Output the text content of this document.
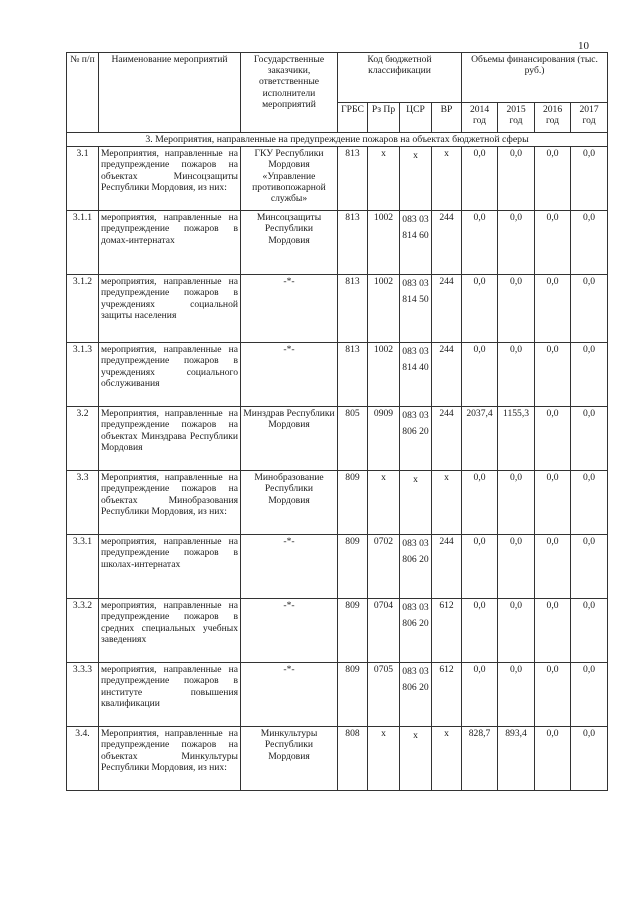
10
№ п/п	Наименование мероприятий	Государственные заказчики, ответственные исполнители мероприятий	Код бюджетной классификации				Объемы финансирования (тыс. руб.)			
			ГРБС	Рз Пр	ЦСР	ВР	2014 год	2015 год	2016 год	2017 год
3. Мероприятия, направленные на предупреждение пожаров на объектах бюджетной сферы										
3.1	Мероприятия, направленные на предупреждение пожаров на объектах Минсоцзащиты Республики Мордовия, из них:	ГКУ Республики Мордовия «Управление противопожарной службы»	813	х	х	х	0,0	0,0	0,0	0,0
3.1.1	мероприятия, направленные на предупреждение пожаров в домах-интернатах	Минсоцзащиты Республики Мордовия	813	1002	083 03 814 60	244	0,0	0,0	0,0	0,0
3.1.2	мероприятия, направленные на предупреждение пожаров в учреждениях социальной защиты населения	-*-	813	1002	083 03 814 50	244	0,0	0,0	0,0	0,0
3.1.3	мероприятия, направленные на предупреждение пожаров в учреждениях социального обслуживания	-*-	813	1002	083 03 814 40	244	0,0	0,0	0,0	0,0
3.2	Мероприятия, направленные на предупреждение пожаров на объектах Минздрава Республики Мордовия	Минздрав Республики Мордовия	805	0909	083 03 806 20	244	2037,4	1155,3	0,0	0,0
3.3	Мероприятия, направленные на предупреждение пожаров на объектах Минобразования Республики Мордовия, из них:	Минобразование Республики Мордовия	809	х	х	х	0,0	0,0	0,0	0,0
3.3.1	мероприятия, направленные на предупреждение пожаров в школах-интернатах	-*-	809	0702	083 03 806 20	244	0,0	0,0	0,0	0,0
3.3.2	мероприятия, направленные на предупреждение пожаров в средних специальных учебных заведениях	-*-	809	0704	083 03 806 20	612	0,0	0,0	0,0	0,0
3.3.3	мероприятия, направленные на предупреждение пожаров в институте повышения квалификации	-*-	809	0705	083 03 806 20	612	0,0	0,0	0,0	0,0
3.4.	Мероприятия, направленные на предупреждение пожаров на объектах Минкультуры Республики Мордовия, из них:	Минкультуры Республики Мордовия	808	х	х	х	828,7	893,4	0,0	0,0
